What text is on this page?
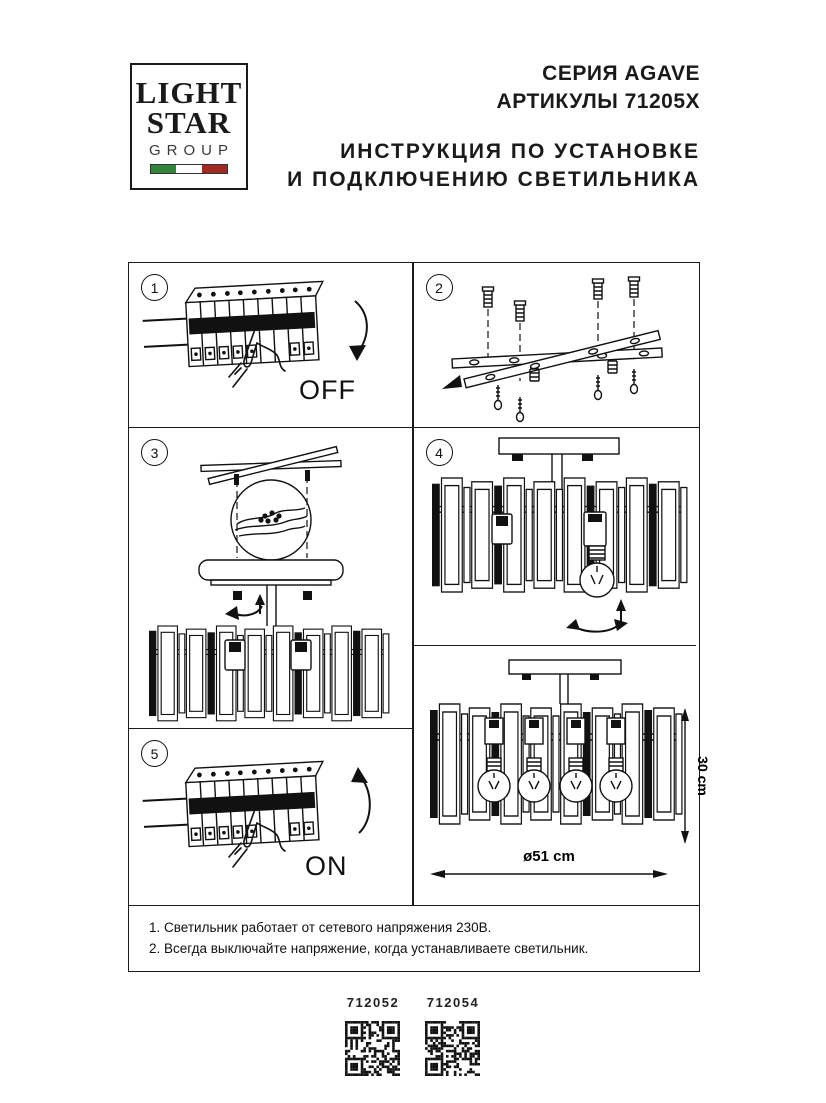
LIGHT
STAR
GROUP
СЕРИЯ AGAVE
АРТИКУЛЫ 71205X
ИНСТРУКЦИЯ ПО УСТАНОВКЕ
И ПОДКЛЮЧЕНИЮ СВЕТИЛЬНИКА
1
OFF
2
3	4
5
ON
30 cm
ø51 cm

1. Светильник работает от сетевого напряжения 230В.

2. Всегда выключайте напряжение, когда устанавливаете светильник.

712052 712054
